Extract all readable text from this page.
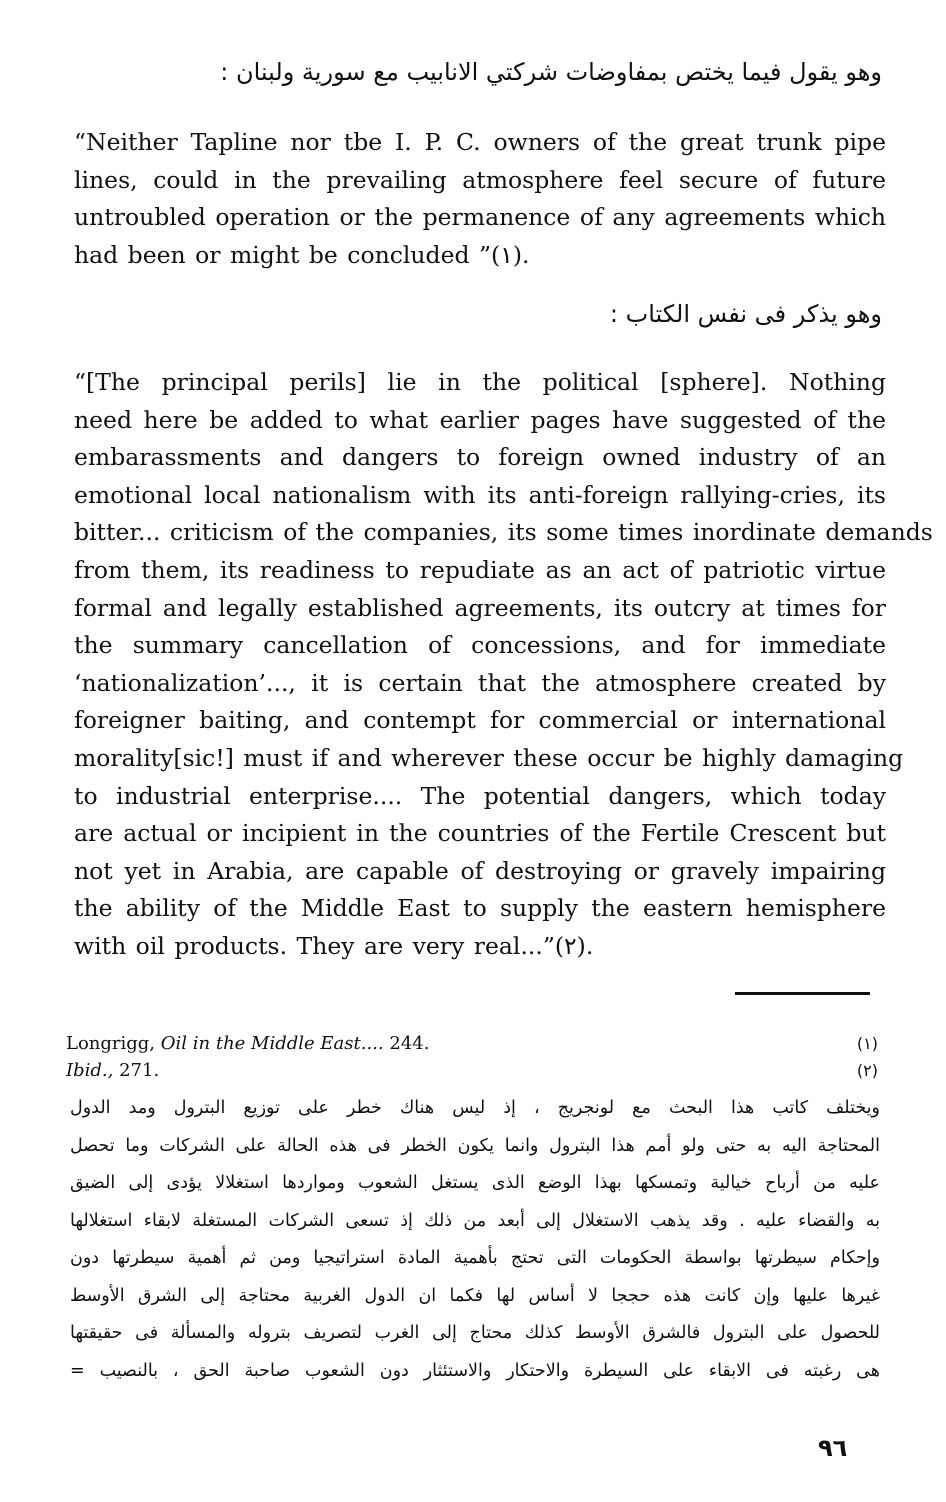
وهو يقول فيما يختص بمفاوضات شركتي الانابيب مع سورية ولبنان :
“Neither Tapline nor tbe I. P. C. owners of the great trunk pipe
lines, could in the prevailing atmosphere feel secure of future
untroubled operation or the permanence of any agreements which
had been or might be concluded ”(١).
وهو يذكر فى نفس الكتاب :
“[The principal perils] lie in the political [sphere]. Nothing
need here be added to what earlier pages have suggested of the
embarassments and dangers to foreign owned industry of an
emotional local nationalism with its anti-foreign rallying-cries, its
bitter... criticism of the companies, its some times inordinate demands
from them, its readiness to repudiate as an act of patriotic virtue
formal and legally established agreements, its outcry at times for
the summary cancellation of concessions, and for immediate
‘nationalization’..., it is certain that the atmosphere created by
foreigner baiting, and contempt for commercial or international
morality[sic!] must if and wherever these occur be highly damaging
to industrial enterprise.... The potential dangers, which today
are actual or incipient in the countries of the Fertile Crescent but
not yet in Arabia, are capable of destroying or gravely impairing
the ability of the Middle East to supply the eastern hemisphere
with oil products. They are very real...”(٢).
Longrigg, Oil in the Middle East.... 244.	(١)
Ibid., 271.	(٢)
ويختلف كاتب هذا البحث مع لونجريج ، إذ ليس هناك خطر على توزيع البترول ومد الدول
المحتاجة اليه به حتى ولو أمم هذا البترول وانما يكون الخطر فى هذه الحالة على الشركات وما تحصل
عليه من أرباح خيالية وتمسكها بهذا الوضع الذى يستغل الشعوب ومواردها استغلالا يؤدى إلى الضيق
به والقضاء عليه . وقد يذهب الاستغلال إلى أبعد من ذلك إذ تسعى الشركات المستغلة لابقاء استغلالها
وإحكام سيطرتها بواسطة الحكومات التى تحتج بأهمية المادة استراتيجيا ومن ثم أهمية سيطرتها دون
غيرها عليها وإن كانت هذه حججا لا أساس لها فكما ان الدول الغربية محتاجة إلى الشرق الأوسط
للحصول على البترول فالشرق الأوسط كذلك محتاج إلى الغرب لتصريف بتروله والمسألة فى حقيقتها
هى رغبته فى الابقاء على السيطرة والاحتكار والاستئثار دون الشعوب صاحبة الحق ، بالنصيب =
٩٦
